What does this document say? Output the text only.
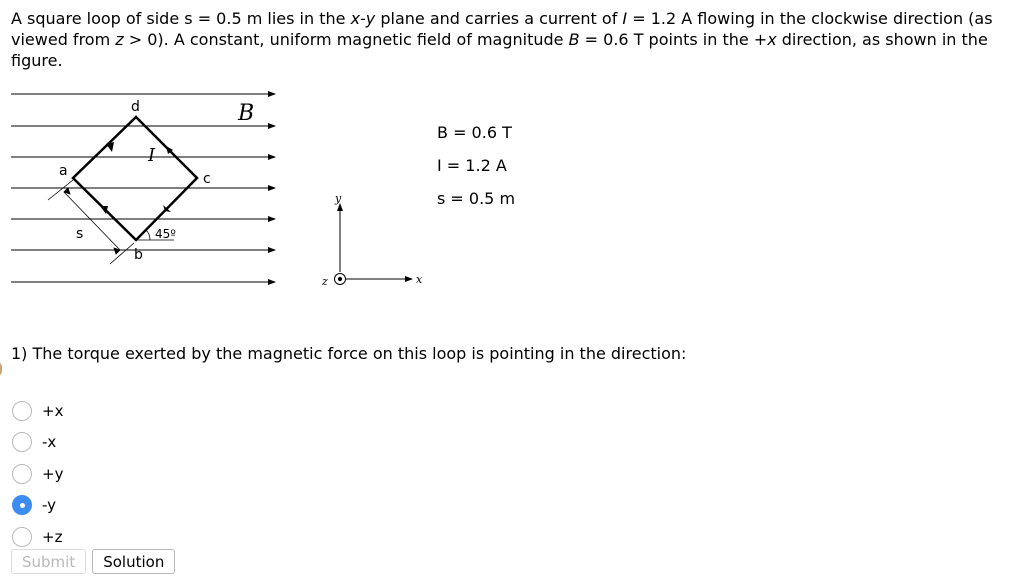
A square loop of side s = 0.5 m lies in the x-y plane and carries a current of I = 1.2 A flowing in the clockwise direction (as viewed from z > 0). A constant, uniform magnetic field of magnitude B = 0.6 T points in the +x direction, as shown in the figure.

d
a	c
b
s
B
I
45º
y
x
z
B = 0.6 T
I = 1.2 A
s = 0.5 m

1) The torque exerted by the magnetic force on this loop is pointing in the direction:

+x
-x
+y
-y
+z
Submit	Solution
